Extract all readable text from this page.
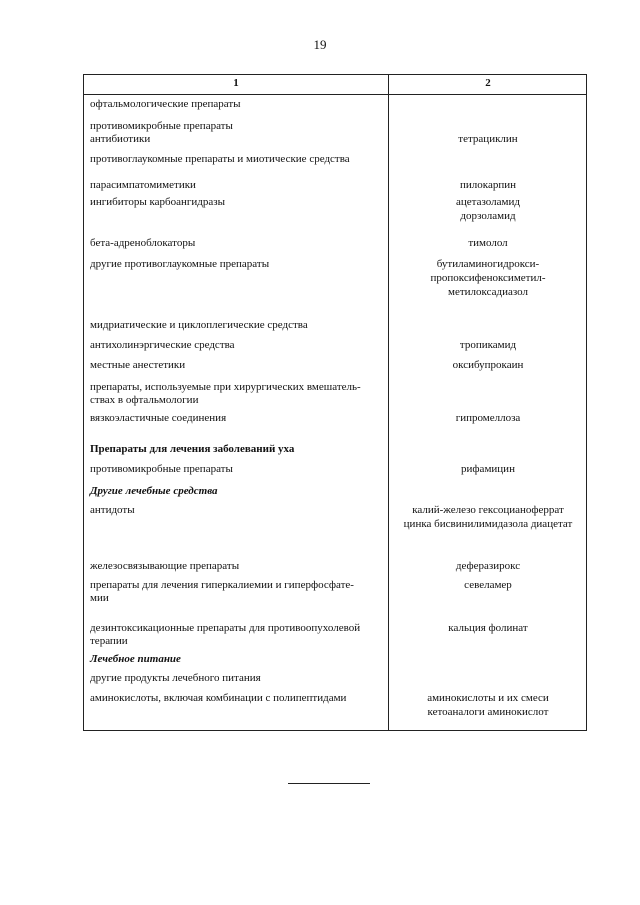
19
1	2
офтальмологические препараты
противомикробные препараты
антибиотики
противоглаукомные препараты и миотические средства
парасимпатомиметики
ингибиторы карбоангидразы
бета-адреноблокаторы
другие противоглаукомные препараты
мидриатические и циклоплегические средства
антихолинэргические средства
местные анестетики
препараты, используемые при хирургических вмешатель-
ствах в офтальмологии
вязкоэластичные соединения
Препараты для лечения заболеваний уха
противомикробные препараты
Другие лечебные средства
антидоты
железосвязывающие препараты
препараты для лечения гиперкалиемии и гиперфосфате-
мии
дезинтоксикационные препараты для противоопухолевой
терапии
Лечебное питание
другие продукты лечебного питания
аминокислоты, включая комбинации с полипептидами
тетрациклин
пилокарпин
ацетазоламид
дорзоламид
тимолол
бутиламиногидрокси-
пропоксифеноксиметил-
метилоксадиазол
тропикамид
оксибупрокаин
гипромеллоза
рифамицин
калий-железо гексоцианоферрат
цинка бисвинилимидазола диацетат
деферазирокс
севеламер
кальция фолинат
аминокислоты и их смеси
кетоаналоги аминокислот
